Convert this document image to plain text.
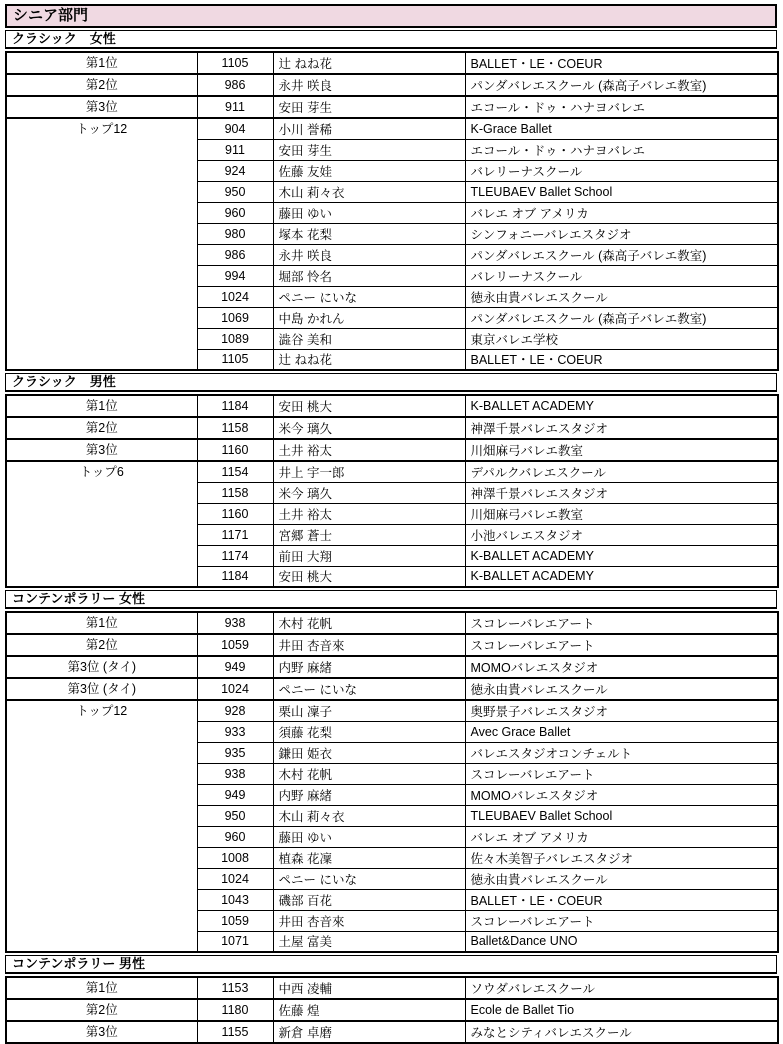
シニア部門
クラシック　女性
第1位	1105	辻 ねね花	BALLET・LE・COEUR
第2位	986	永井 咲良	パンダバレエスクール (森高子バレエ教室)
第3位	911	安田 芽生	エコール・ドゥ・ハナヨバレエ
トップ12	904	小川 誉稀	K-Grace Ballet
	911	安田 芽生	エコール・ドゥ・ハナヨバレエ
	924	佐藤 友娃	バレリーナスクール
	950	木山 莉々衣	TLEUBAEV Ballet School
	960	藤田 ゆい	バレエ オブ アメリカ
	980	塚本 花梨	シンフォニーバレエスタジオ
	986	永井 咲良	パンダバレエスクール (森高子バレエ教室)
	994	堀部 怜名	バレリーナスクール
	1024	ペニー にいな	徳永由貴バレエスクール
	1069	中島 かれん	パンダバレエスクール (森高子バレエ教室)
	1089	澁谷 美和	東京バレエ学校
	1105	辻 ねね花	BALLET・LE・COEUR
クラシック　男性
第1位	1184	安田 桃大	K-BALLET ACADEMY
第2位	1158	米今 璃久	神澤千景バレエスタジオ
第3位	1160	土井 裕太	川畑麻弓バレエ教室
トップ6	1154	井上 宇一郎	デパルクバレエスクール
	1158	米今 璃久	神澤千景バレエスタジオ
	1160	土井 裕太	川畑麻弓バレエ教室
	1171	宮郷 蒼士	小池バレエスタジオ
	1174	前田 大翔	K-BALLET ACADEMY
	1184	安田 桃大	K-BALLET ACADEMY
コンテンポラリー 女性
第1位	938	木村 花帆	スコレーバレエアート
第2位	1059	井田 杏音來	スコレーバレエアート
第3位 (タイ)	949	内野 麻緒	MOMOバレエスタジオ
第3位 (タイ)	1024	ペニー にいな	徳永由貴バレエスクール
トップ12	928	栗山 凜子	奥野景子バレエスタジオ
	933	須藤 花梨	Avec Grace Ballet
	935	鎌田 姫衣	バレエスタジオコンチェルト
	938	木村 花帆	スコレーバレエアート
	949	内野 麻緒	MOMOバレエスタジオ
	950	木山 莉々衣	TLEUBAEV Ballet School
	960	藤田 ゆい	バレエ オブ アメリカ
	1008	植森 花凜	佐々木美智子バレエスタジオ
	1024	ペニー にいな	徳永由貴バレエスクール
	1043	磯部 百花	BALLET・LE・COEUR
	1059	井田 杏音來	スコレーバレエアート
	1071	土屋 富美	Ballet&Dance UNO
コンテンポラリー 男性
第1位	1153	中西 凌輔	ソウダバレエスクール
第2位	1180	佐藤 煌	Ecole de Ballet Tio
第3位	1155	新倉 卓磨	みなとシティバレエスクール
